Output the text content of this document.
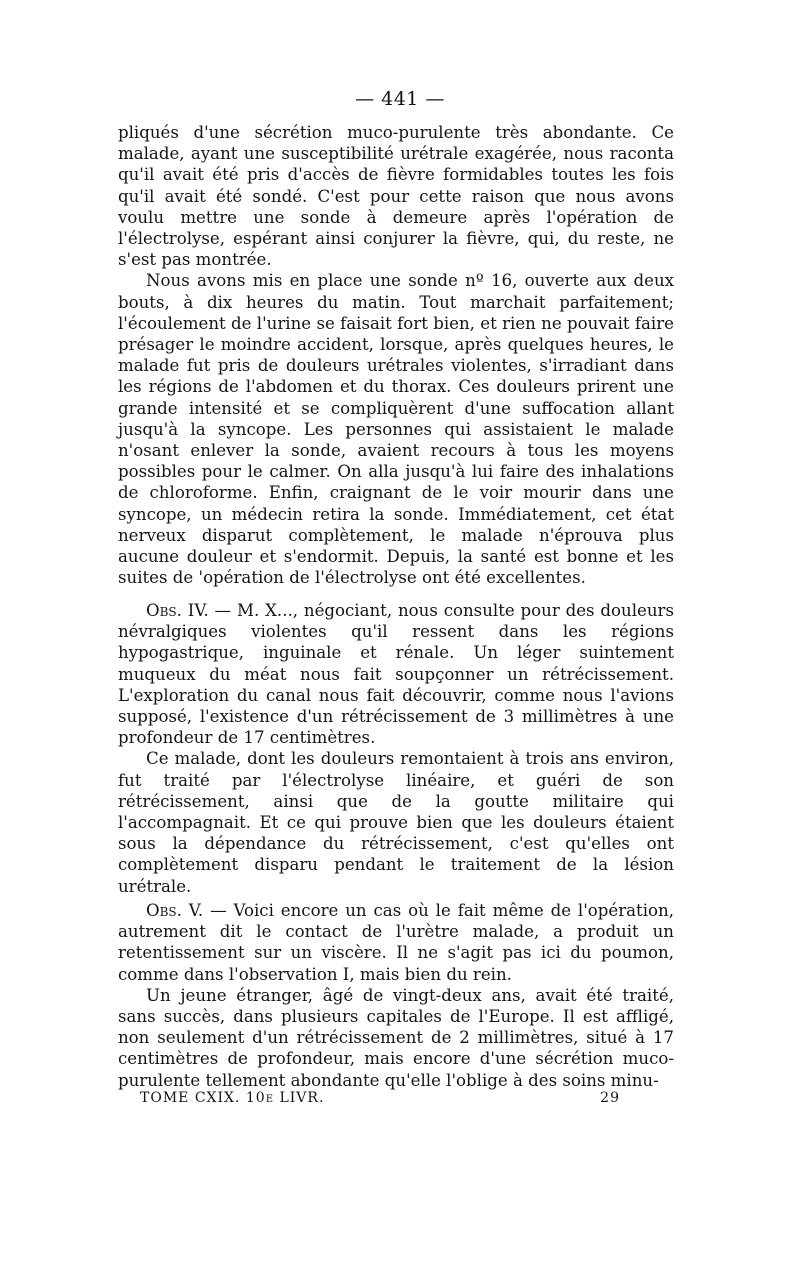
— 441 —

pliqués d'une sécrétion muco-purulente très abondante. Ce malade, ayant une susceptibilité urétrale exagérée, nous raconta qu'il avait été pris d'accès de fièvre formidables toutes les fois qu'il avait été sondé. C'est pour cette raison que nous avons voulu mettre une sonde à demeure après l'opération de l'électrolyse, espérant ainsi conjurer la fièvre, qui, du reste, ne s'est pas montrée.

Nous avons mis en place une sonde nº 16, ouverte aux deux bouts, à dix heures du matin. Tout marchait parfaitement; l'écoulement de l'urine se faisait fort bien, et rien ne pouvait faire présager le moindre accident, lorsque, après quelques heures, le malade fut pris de douleurs urétrales violentes, s'irradiant dans les régions de l'abdomen et du thorax. Ces douleurs prirent une grande intensité et se compliquèrent d'une suffocation allant jusqu'à la syncope. Les personnes qui assistaient le malade n'osant enlever la sonde, avaient recours à tous les moyens possibles pour le calmer. On alla jusqu'à lui faire des inhalations de chloroforme. Enfin, craignant de le voir mourir dans une syncope, un médecin retira la sonde. Immédiatement, cet état nerveux disparut complètement, le malade n'éprouva plus aucune douleur et s'endormit. Depuis, la santé est bonne et les suites de 'opération de l'électrolyse ont été excellentes.

Obs. IV. — M. X..., négociant, nous consulte pour des douleurs névralgiques violentes qu'il ressent dans les régions hypogastrique, inguinale et rénale. Un léger suintement muqueux du méat nous fait soupçonner un rétrécissement. L'exploration du canal nous fait découvrir, comme nous l'avions supposé, l'existence d'un rétrécissement de 3 millimètres à une profondeur de 17 centimètres.

Ce malade, dont les douleurs remontaient à trois ans environ, fut traité par l'électrolyse linéaire, et guéri de son rétrécissement, ainsi que de la goutte militaire qui l'accompagnait. Et ce qui prouve bien que les douleurs étaient sous la dépendance du rétrécissement, c'est qu'elles ont complètement disparu pendant le traitement de la lésion urétrale.

Obs. V. — Voici encore un cas où le fait même de l'opération, autrement dit le contact de l'urètre malade, a produit un retentissement sur un viscère. Il ne s'agit pas ici du poumon, comme dans l'observation I, mais bien du rein.

Un jeune étranger, âgé de vingt-deux ans, avait été traité, sans succès, dans plusieurs capitales de l'Europe. Il est affligé, non seulement d'un rétrécissement de 2 millimètres, situé à 17 centimètres de profondeur, mais encore d'une sécrétion muco-purulente tellement abondante qu'elle l'oblige à des soins minu-

TOME CXIX. 10e LIVR.	29
